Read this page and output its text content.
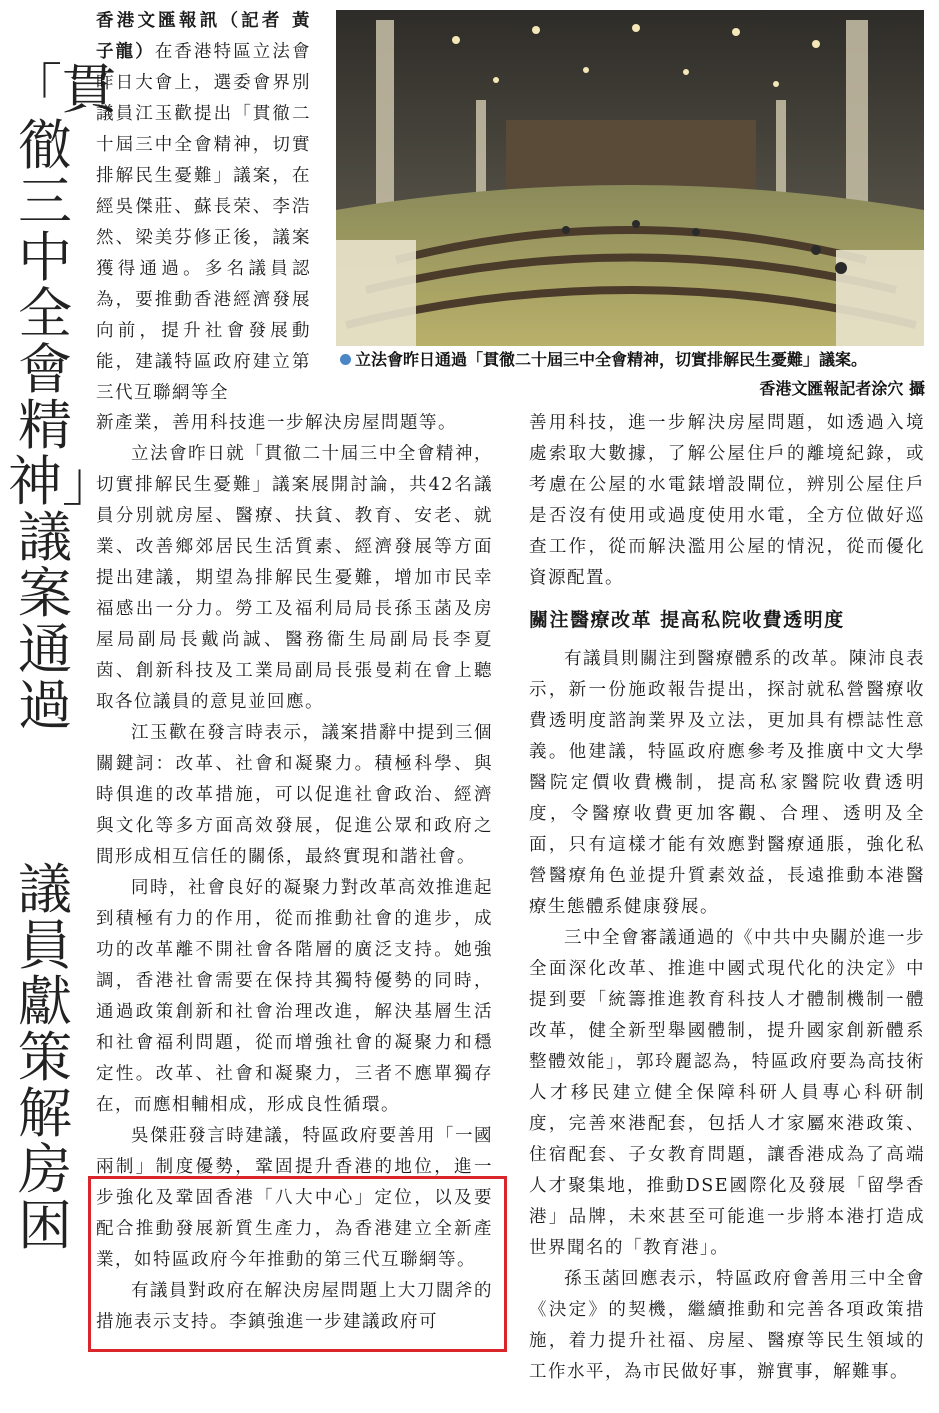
「貫徹三中全會精神」議案通過
議員獻策解房困
香港文匯報訊（記者 黃子龍）在香港特區立法會昨日大會上，選委會界別議員江玉歡提出「貫徹二十屆三中全會精神，切實排解民生憂難」議案，在經吳傑莊、蘇長荣、李浩然、梁美芬修正後，議案獲得通過。多名議員認為，要推動香港經濟發展向前，提升社會發展動能，建議特區政府建立第三代互聯網等全
立法會昨日通過「貫徹二十屆三中全會精神，切實排解民生憂難」議案。
香港文匯報記者涂穴 攝

新產業，善用科技進一步解決房屋問題等。

立法會昨日就「貫徹二十屆三中全會精神，切實排解民生憂難」議案展開討論，共42名議員分別就房屋、醫療、扶貧、教育、安老、就業、改善鄉郊居民生活質素、經濟發展等方面提出建議，期望為排解民生憂難，增加市民幸福感出一分力。勞工及福利局局長孫玉菡及房屋局副局長戴尚誠、醫務衞生局副局長李夏茵、創新科技及工業局副局長張曼莉在會上聽取各位議員的意見並回應。

江玉歡在發言時表示，議案措辭中提到三個關鍵詞：改革、社會和凝聚力。積極科學、與時俱進的改革措施，可以促進社會政治、經濟與文化等多方面高效發展，促進公眾和政府之間形成相互信任的關係，最終實現和諧社會。

同時，社會良好的凝聚力對改革高效推進起到積極有力的作用，從而推動社會的進步，成功的改革離不開社會各階層的廣泛支持。她強調，香港社會需要在保持其獨特優勢的同時，通過政策創新和社會治理改進，解決基層生活和社會福利問題，從而增強社會的凝聚力和穩定性。改革、社會和凝聚力，三者不應單獨存在，而應相輔相成，形成良性循環。

吳傑莊發言時建議，特區政府要善用「一國兩制」制度優勢，鞏固提升香港的地位，進一步強化及鞏固香港「八大中心」定位，以及要配合推動發展新質生產力，為香港建立全新產業，如特區政府今年推動的第三代互聯網等。

有議員對政府在解決房屋問題上大刀闊斧的措施表示支持。李鎮強進一步建議政府可

善用科技，進一步解決房屋問題，如透過入境處索取大數據，了解公屋住戶的離境紀錄，或考慮在公屋的水電錶增設閘位，辨別公屋住戶是否沒有使用或過度使用水電，全方位做好巡查工作，從而解決濫用公屋的情況，從而優化資源配置。

關注醫療改革 提高私院收費透明度

有議員則關注到醫療體系的改革。陳沛良表示，新一份施政報告提出，探討就私營醫療收費透明度諮詢業界及立法，更加具有標誌性意義。他建議，特區政府應參考及推廣中文大學醫院定價收費機制，提高私家醫院收費透明度，令醫療收費更加客觀、合理、透明及全面，只有這樣才能有效應對醫療通脹，強化私營醫療角色並提升質素效益，長遠推動本港醫療生態體系健康發展。

三中全會審議通過的《中共中央關於進一步全面深化改革、推進中國式現代化的決定》中提到要「統籌推進教育科技人才體制機制一體改革，健全新型舉國體制，提升國家創新體系整體效能」，郭玲麗認為，特區政府要為高技術人才移民建立健全保障科研人員專心科研制度，完善來港配套，包括人才家屬來港政策、住宿配套、子女教育問題，讓香港成為了高端人才聚集地，推動DSE國際化及發展「留學香港」品牌，未來甚至可能進一步將本港打造成世界聞名的「教育港」。

孫玉菡回應表示，特區政府會善用三中全會《決定》的契機，繼續推動和完善各項政策措施，着力提升社福、房屋、醫療等民生領域的工作水平，為市民做好事，辦實事，解難事。
